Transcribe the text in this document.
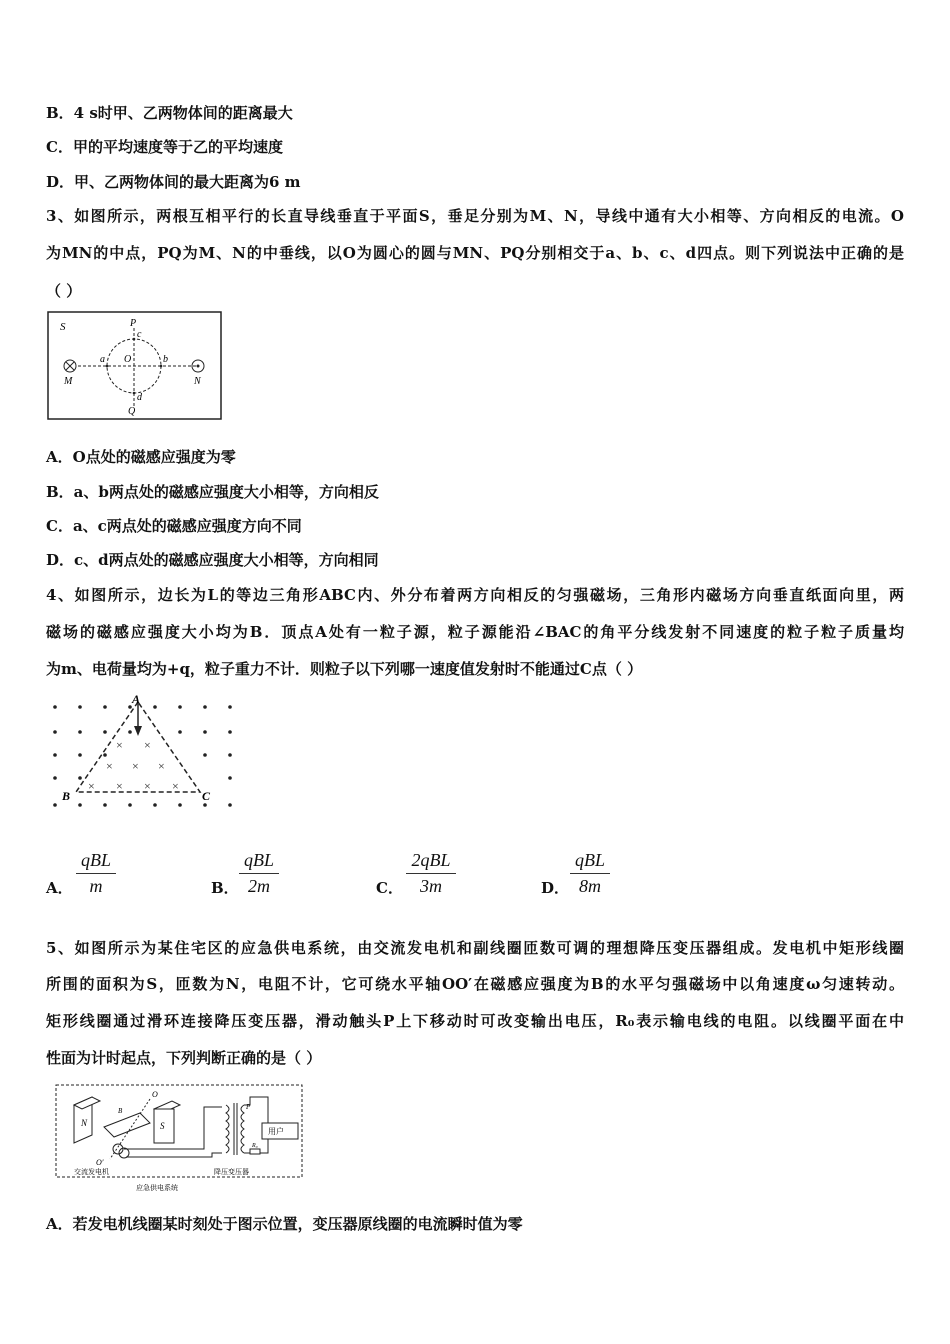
B．4 s时甲、乙两物体间的距离最大
C．甲的平均速度等于乙的平均速度
D．甲、乙两物体间的最大距离为6 m
3、如图所示，两根互相平行的长直导线垂直于平面S，垂足分别为M、N，导线中通有大小相等、方向相反的电流。O
为MN的中点，PQ为M、N的中垂线，以O为圆心的圆与MN、PQ分别相交于a、b、c、d四点。则下列说法中正确的是
（ ）
S	P
c
a O	b
M	N
d
Q
A．O点处的磁感应强度为零
B．a、b两点处的磁感应强度大小相等，方向相反
C．a、c两点处的磁感应强度方向不同
D．c、d两点处的磁感应强度大小相等，方向相同
4、如图所示，边长为L的等边三角形ABC内、外分布着两方向相反的匀强磁场，三角形内磁场方向垂直纸面向里，两
磁场的磁感应强度大小均为B．顶点A处有一粒子源，粒子源能沿∠BAC的角平分线发射不同速度的粒子粒子质量均
为m、电荷量均为+q，粒子重力不计．则粒子以下列哪一速度值发射时不能通过C点（ ）
× ×
× × ×
× × × ×
A
B	C
A．
qBL
m	B．
qBL
2m	C．
2qBL
3m	D．
qBL
8m
5、如图所示为某住宅区的应急供电系统，由交流发电机和副线圈匝数可调的理想降压变压器组成。发电机中矩形线圈
所围的面积为S，匝数为N，电阻不计，它可绕水平轴OO′在磁感应强度为B的水平匀强磁场中以角速度ω匀速转动。
矩形线圈通过滑环连接降压变压器，滑动触头P上下移动时可改变输出电压，R₀表示输电线的电阻。以线圈平面在中
性面为计时起点，下列判断正确的是（ ）
N	S
O
O′
B	P
用户
R₀
交流发电机	降压变压器
应急供电系统
A．若发电机线圈某时刻处于图示位置，变压器原线圈的电流瞬时值为零
